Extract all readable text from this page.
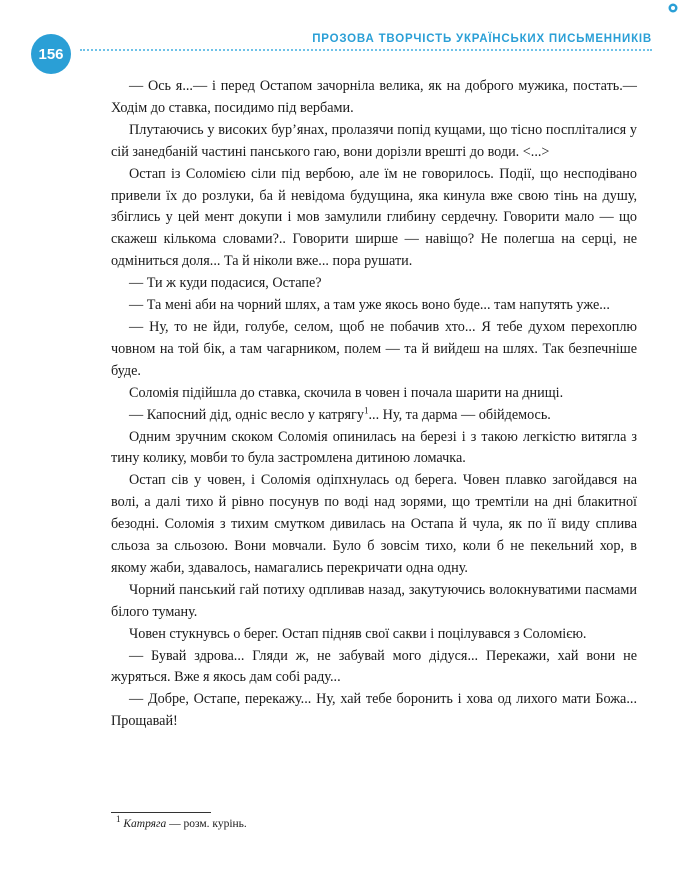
156
ПРОЗОВА ТВОРЧІСТЬ УКРАЇНСЬКИХ ПИСЬМЕННИКІВ

— Ось я...— і перед Остапом зачорніла велика, як на доброго мужика, постать.— Ходім до ставка, посидимо під вербами.

Плутаючись у високих бур’янах, пролазячи попід кущами, що тісно поспліталися у сій занедбаній частині панського гаю, вони дорізли врешті до води. <...>

Остап із Соломією сіли під вербою, але їм не говорилось. Події, що несподівано привели їх до розлуки, ба й невідома будущина, яка кинула вже свою тінь на душу, збіглись у цей мент докупи і мов замулили глибину сердечну. Говорити мало — що скажеш кількома словами?.. Говорити ширше — навіщо? Не полегша на серці, не одміниться доля... Та й ніколи вже... пора рушати.

— Ти ж куди подасися, Остапе?

— Та мені аби на чорний шлях, а там уже якось воно буде... там напутять уже...

— Ну, то не йди, голубе, селом, щоб не побачив хто... Я тебе духом перехоплю човном на той бік, а там чагарником, полем — та й вийдеш на шлях. Так безпечніше буде.

Соломія підійшла до ставка, скочила в човен і почала шарити на днищі.

— Капосний дід, одніс весло у катрягу$^1$... Ну, та дарма — обійдемось.

Одним зручним скоком Соломія опинилась на березі і з такою легкістю витягла з тину колику, мовби то була застромлена дитиною ломачка.

Остап сів у човен, і Соломія одіпхнулась од берега. Човен плавко загойдався на волі, а далі тихо й рівно посунув по воді над зорями, що тремтіли на дні блакитної безодні. Соломія з тихим смутком дивилась на Остапа й чула, як по її виду сплива сльоза за сльозою. Вони мовчали. Було б зовсім тихо, коли б не пекельний хор, в якому жаби, здавалось, намагались перекричати одна одну.

Чорний панський гай потиху одпливав назад, закутуючись волокнуватими пасмами білого туману.

Човен стукнувсь о берег. Остап підняв свої сакви і поцілувався з Соломією.

— Бувай здрова... Гляди ж, не забувай мого дідуся... Перекажи, хай вони не журяться. Вже я якось дам собі раду...

— Добре, Остапе, перекажу... Ну, хай тебе боронить і хова од лихого мати Божа... Прощавай!

$^1$ Катряга — розм. курінь.
